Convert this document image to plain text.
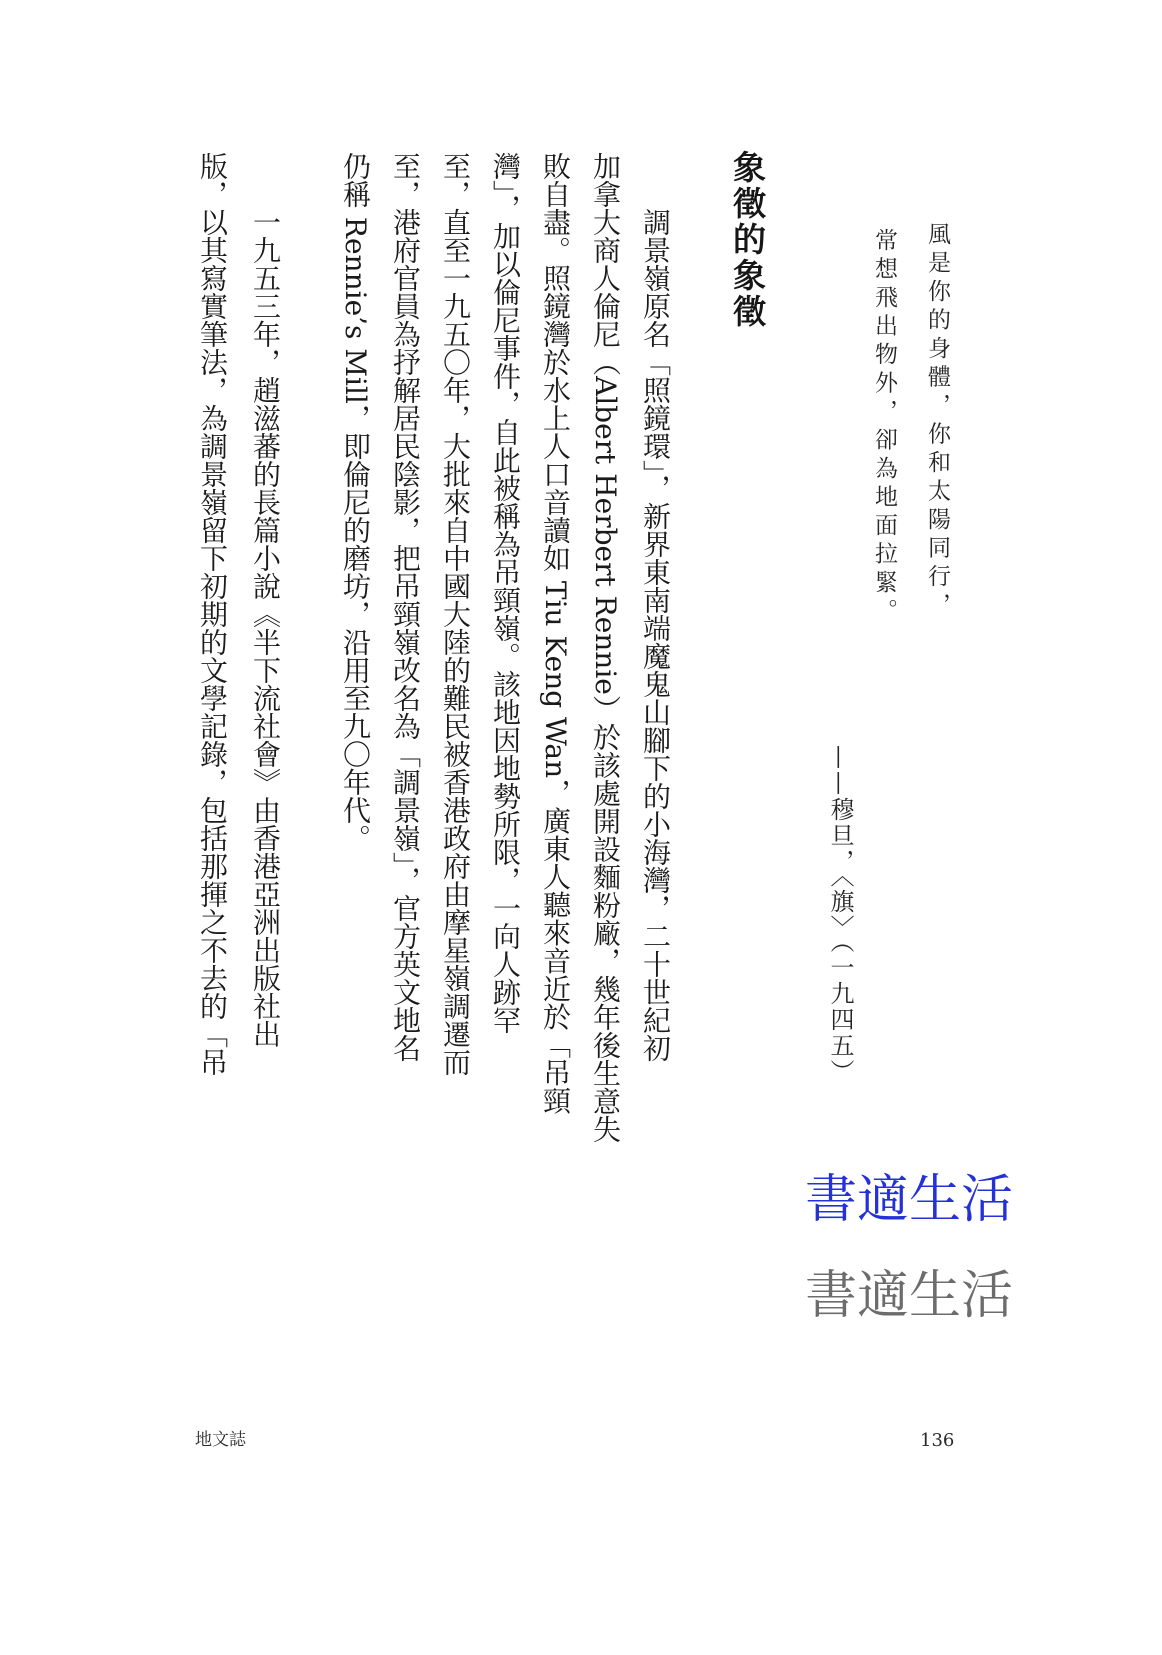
風是你的身體，你和太陽同行，
常想飛出物外，卻為地面拉緊。
——穆旦，〈旗〉（一九四五）
象徵的象徵
調景嶺原名「照鏡環」，新界東南端魔鬼山腳下的小海灣，二十世紀初
加拿大商人倫尼（Albert Herbert Rennie）於該處開設麵粉廠，幾年後生意失
敗自盡。照鏡灣於水上人口音讀如 Tiu Keng Wan，廣東人聽來音近於「吊頸
灣」，加以倫尼事件，自此被稱為吊頸嶺。該地因地勢所限，一向人跡罕
至，直至一九五〇年，大批來自中國大陸的難民被香港政府由摩星嶺調遷而
至，港府官員為抒解居民陰影，把吊頸嶺改名為「調景嶺」，官方英文地名
仍稱 Rennie’s Mill，即倫尼的磨坊，沿用至九〇年代。
一九五三年，趙滋蕃的長篇小說《半下流社會》由香港亞洲出版社出
版，以其寫實筆法，為調景嶺留下初期的文學記錄，包括那揮之不去的「吊
書適生活
書適生活
地文誌	136
